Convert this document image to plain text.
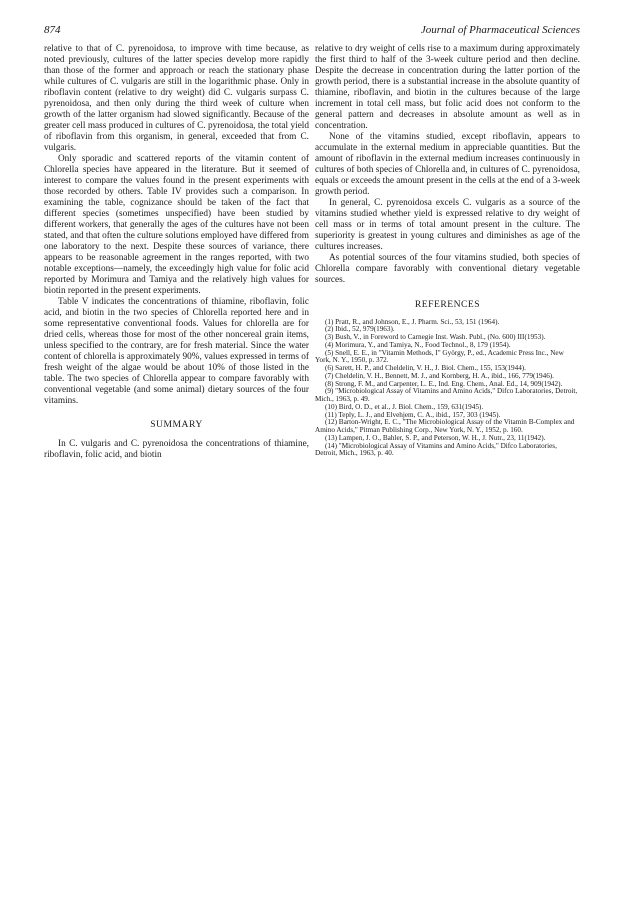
874	Journal of Pharmaceutical Sciences

relative to that of C. pyrenoidosa, to improve with time because, as noted previously, cultures of the latter species develop more rapidly than those of the former and approach or reach the stationary phase while cultures of C. vulgaris are still in the logarithmic phase. Only in riboflavin content (relative to dry weight) did C. vulgaris surpass C. pyrenoidosa, and then only during the third week of culture when growth of the latter organism had slowed significantly. Because of the greater cell mass produced in cultures of C. pyrenoidosa, the total yield of riboflavin from this organism, in general, exceeded that from C. vulgaris.

Only sporadic and scattered reports of the vitamin content of Chlorella species have appeared in the literature. But it seemed of interest to compare the values found in the present experiments with those recorded by others. Table IV provides such a comparison. In examining the table, cognizance should be taken of the fact that different species (sometimes unspecified) have been studied by different workers, that generally the ages of the cultures have not been stated, and that often the culture solutions employed have differed from one laboratory to the next. Despite these sources of variance, there appears to be reasonable agreement in the ranges reported, with two notable exceptions—namely, the exceedingly high value for folic acid reported by Morimura and Tamiya and the relatively high values for biotin reported in the present experiments.

Table V indicates the concentrations of thiamine, riboflavin, folic acid, and biotin in the two species of Chlorella reported here and in some representative conventional foods. Values for chlorella are for dried cells, whereas those for most of the other noncereal grain items, unless specified to the contrary, are for fresh material. Since the water content of chlorella is approximately 90%, values expressed in terms of fresh weight of the algae would be about 10% of those listed in the table. The two species of Chlorella appear to compare favorably with conventional vegetable (and some animal) dietary sources of the four vitamins.

SUMMARY

In C. vulgaris and C. pyrenoidosa the concentrations of thiamine, riboflavin, folic acid, and biotin

relative to dry weight of cells rise to a maximum during approximately the first third to half of the 3-week culture period and then decline. Despite the decrease in concentration during the latter portion of the growth period, there is a substantial increase in the absolute quantity of thiamine, riboflavin, and biotin in the cultures because of the large increment in total cell mass, but folic acid does not conform to the general pattern and decreases in absolute amount as well as in concentration.

None of the vitamins studied, except riboflavin, appears to accumulate in the external medium in appreciable quantities. But the amount of riboflavin in the external medium increases continuously in cultures of both species of Chlorella and, in cultures of C. pyrenoidosa, equals or exceeds the amount present in the cells at the end of a 3-week growth period.

In general, C. pyrenoidosa excels C. vulgaris as a source of the vitamins studied whether yield is expressed relative to dry weight of cell mass or in terms of total amount present in the culture. The superiority is greatest in young cultures and diminishes as age of the cultures increases.

As potential sources of the four vitamins studied, both species of Chlorella compare favorably with conventional dietary vegetable sources.

REFERENCES

(1) Pratt, R., and Johnson, E., J. Pharm. Sci., 53, 151 (1964).

(2) Ibid., 52, 979(1963).

(3) Bush, V., in Foreword to Carnegie Inst. Wash. Publ., (No. 600) III(1953).

(4) Morimura, Y., and Tamiya, N., Food Technol., 8, 179 (1954).

(5) Snell, E. E., in "Vitamin Methods, I" György, P., ed., Academic Press Inc., New York, N. Y., 1950, p. 372.

(6) Sarett, H. P., and Cheldelin, V. H., J. Biol. Chem., 155, 153(1944).

(7) Cheldelin, V. H., Bennett, M. J., and Kornberg, H. A., ibid., 166, 779(1946).

(8) Strong, F. M., and Carpenter, L. E., Ind. Eng. Chem., Anal. Ed., 14, 909(1942).

(9) "Microbiological Assay of Vitamins and Amino Acids," Difco Laboratories, Detroit, Mich., 1963, p. 49.

(10) Bird, O. D., et al., J. Biol. Chem., 159, 631(1945).

(11) Teply, L. J., and Elvehjem, C. A., ibid., 157, 303 (1945).

(12) Barton-Wright, E. C., "The Microbiological Assay of the Vitamin B-Complex and Amino Acids," Pitman Publishing Corp., New York, N. Y., 1952, p. 160.

(13) Lampen, J. O., Bahler, S. P., and Peterson, W. H., J. Nutr., 23, 11(1942).

(14) "Microbiological Assay of Vitamins and Amino Acids," Difco Laboratories, Detroit, Mich., 1963, p. 40.
